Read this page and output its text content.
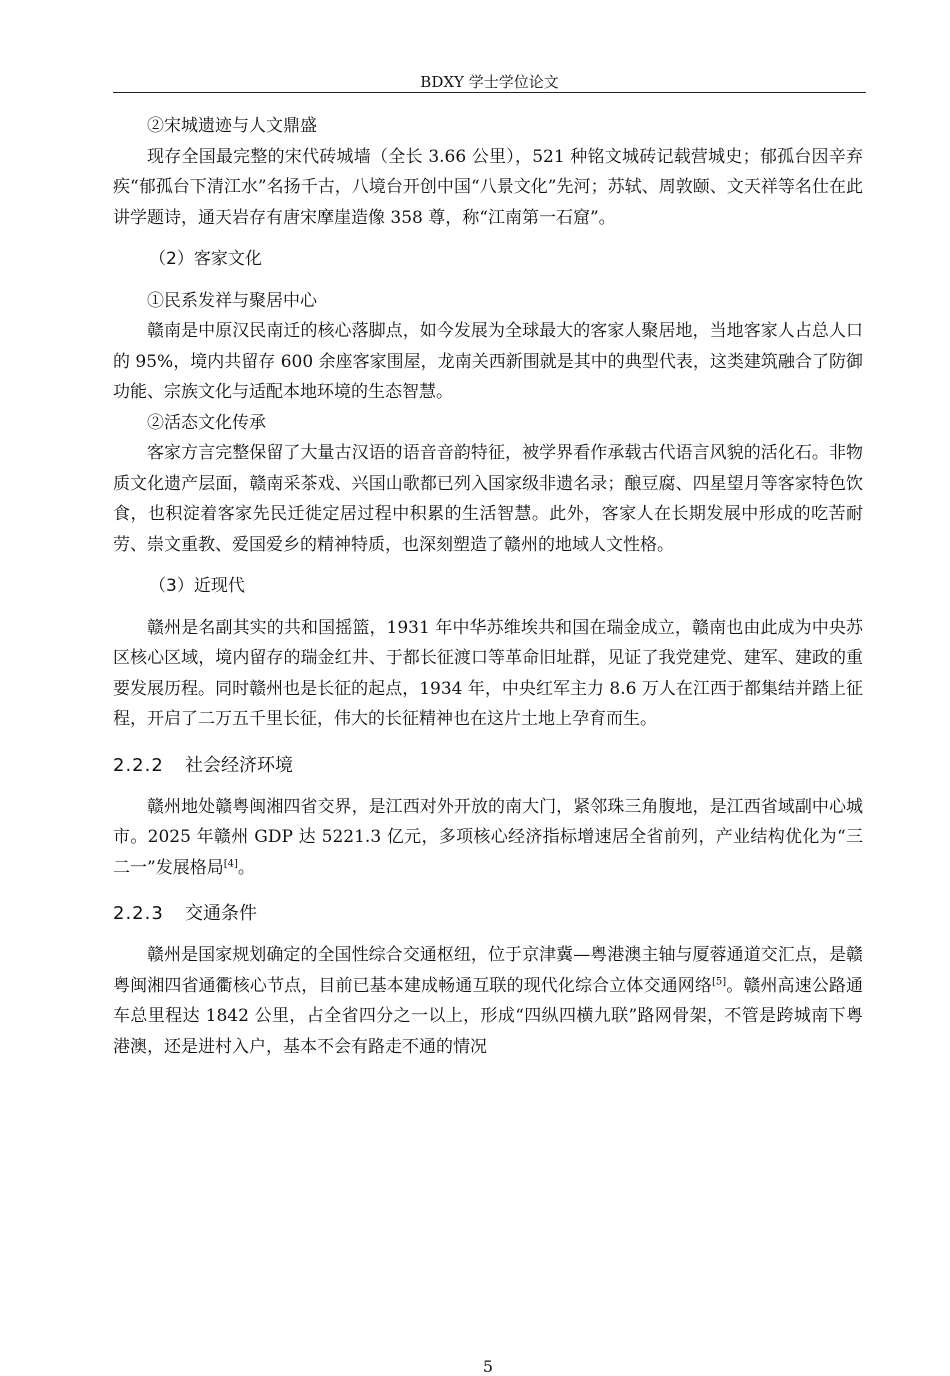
BDXY 学士学位论文

②宋城遗迹与人文鼎盛

现存全国最完整的宋代砖城墙（全长 3.66 公里），521 种铭文城砖记载营城史；郁孤台因辛弃疾“郁孤台下清江水”名扬千古，八境台开创中国“八景文化”先河；苏轼、周敦颐、文天祥等名仕在此讲学题诗，通天岩存有唐宋摩崖造像 358 尊，称“江南第一石窟”。

（2）客家文化

①民系发祥与聚居中心

赣南是中原汉民南迁的核心落脚点，如今发展为全球最大的客家人聚居地，当地客家人占总人口的 95%，境内共留存 600 余座客家围屋，龙南关西新围就是其中的典型代表，这类建筑融合了防御功能、宗族文化与适配本地环境的生态智慧。

②活态文化传承

客家方言完整保留了大量古汉语的语音音韵特征，被学界看作承载古代语言风貌的活化石。非物质文化遗产层面，赣南采茶戏、兴国山歌都已列入国家级非遗名录；酿豆腐、四星望月等客家特色饮食，也积淀着客家先民迁徙定居过程中积累的生活智慧。此外，客家人在长期发展中形成的吃苦耐劳、崇文重教、爱国爱乡的精神特质，也深刻塑造了赣州的地域人文性格。

（3）近现代

赣州是名副其实的共和国摇篮，1931 年中华苏维埃共和国在瑞金成立，赣南也由此成为中央苏区核心区域，境内留存的瑞金红井、于都长征渡口等革命旧址群，见证了我党建党、建军、建政的重要发展历程。同时赣州也是长征的起点，1934 年，中央红军主力 8.6 万人在江西于都集结并踏上征程，开启了二万五千里长征，伟大的长征精神也在这片土地上孕育而生。

2.2.2 社会经济环境

赣州地处赣粤闽湘四省交界，是江西对外开放的南大门，紧邻珠三角腹地，是江西省域副中心城市。2025 年赣州 GDP 达 5221.3 亿元，多项核心经济指标增速居全省前列，产业结构优化为“三二一”发展格局[4]。

2.2.3 交通条件

赣州是国家规划确定的全国性综合交通枢纽，位于京津冀—粤港澳主轴与厦蓉通道交汇点，是赣粤闽湘四省通衢核心节点，目前已基本建成畅通互联的现代化综合立体交通网络[5]。赣州高速公路通车总里程达 1842 公里，占全省四分之一以上，形成“四纵四横九联”路网骨架，不管是跨城南下粤港澳，还是进村入户，基本不会有路走不通的情况

5
